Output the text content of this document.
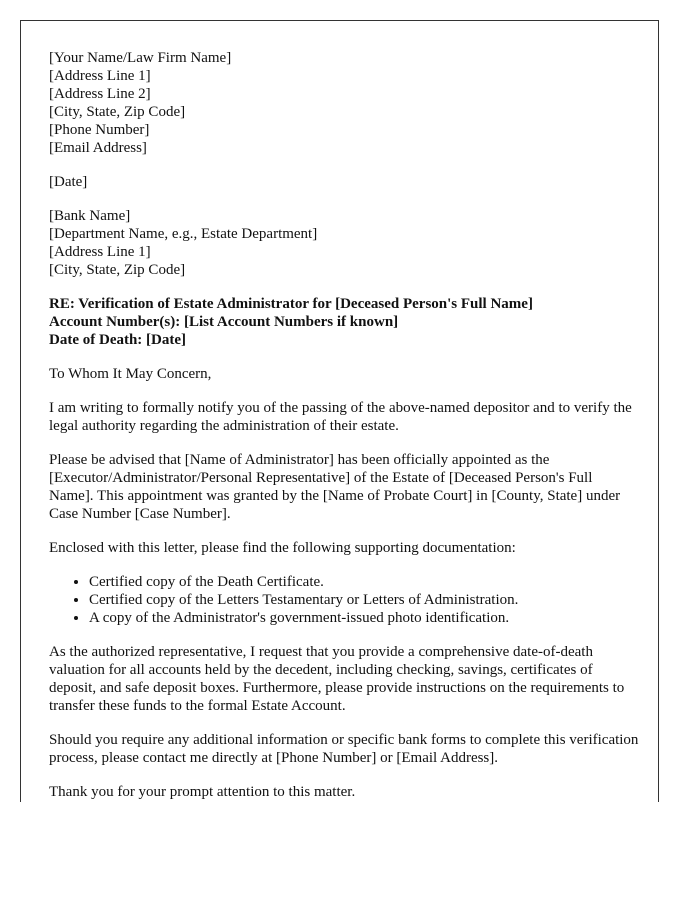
[Your Name/Law Firm Name]
[Address Line 1]
[Address Line 2]
[City, State, Zip Code]
[Phone Number]
[Email Address]
[Date]
[Bank Name]
[Department Name, e.g., Estate Department]
[Address Line 1]
[City, State, Zip Code]
RE: Verification of Estate Administrator for [Deceased Person's Full Name]
Account Number(s): [List Account Numbers if known]
Date of Death: [Date]

To Whom It May Concern,

I am writing to formally notify you of the passing of the above-named depositor and to verify the legal authority regarding the administration of their estate.

Please be advised that [Name of Administrator] has been officially appointed as the [Executor/Administrator/Personal Representative] of the Estate of [Deceased Person's Full Name]. This appointment was granted by the [Name of Probate Court] in [County, State] under Case Number [Case Number].

Enclosed with this letter, please find the following supporting documentation:

• Certified copy of the Death Certificate.
• Certified copy of the Letters Testamentary or Letters of Administration.
• A copy of the Administrator's government-issued photo identification.

As the authorized representative, I request that you provide a comprehensive date-of-death valuation for all accounts held by the decedent, including checking, savings, certificates of deposit, and safe deposit boxes. Furthermore, please provide instructions on the requirements to transfer these funds to the formal Estate Account.

Should you require any additional information or specific bank forms to complete this verification process, please contact me directly at [Phone Number] or [Email Address].

Thank you for your prompt attention to this matter.
